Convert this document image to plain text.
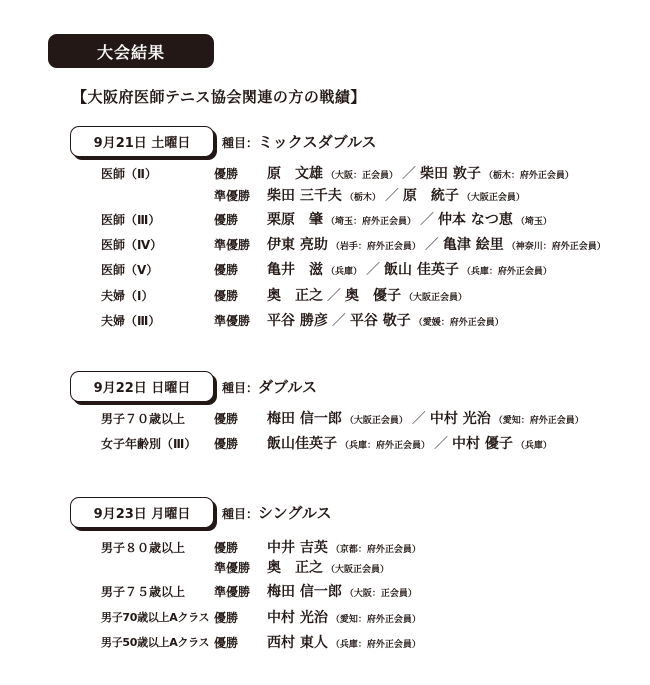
大会結果
【大阪府医師テニス協会関連の方の戦績】
9月21日 土曜日	種目： ミックスダブルス
医師（Ⅱ）	優勝 原　文雄 （大阪：正会員） ／ 柴田 敦子 （栃木：府外正会員）
準優勝 柴田 三千夫 （栃木） ／ 原　統子 （大阪正会員）
医師（Ⅲ）	優勝 栗原　肇 （埼玉：府外正会員） ／ 仲本 なつ恵 （埼玉）
医師（Ⅳ）	準優勝 伊東 亮助 （岩手：府外正会員） ／ 亀津 絵里 （神奈川：府外正会員）
医師（Ⅴ）	優勝 亀井　滋 （兵庫） ／ 飯山 佳英子 （兵庫：府外正会員）
夫婦（Ⅰ）	優勝 奥　正之 ／ 奥　優子 （大阪正会員）
夫婦（Ⅲ）	準優勝 平谷 勝彦 ／ 平谷 敬子 （愛媛：府外正会員）
9月22日 日曜日	種目： ダブルス
男子７０歳以上 優勝 梅田 信一郎 （大阪正会員） ／ 中村 光治 （愛知：府外正会員）
女子年齢別（Ⅲ） 優勝 飯山佳英子 （兵庫：府外正会員） ／ 中村 優子 （兵庫）
9月23日 月曜日	種目： シングルス
男子８０歳以上 優勝 中井 吉英 （京都：府外正会員）
準優勝 奥　正之 （大阪正会員）
男子７５歳以上 準優勝 梅田 信一郎 （大阪：正会員）
男子70歳以上Aクラス 優勝 中村 光治 （愛知：府外正会員）
男子50歳以上Aクラス 優勝 西村 東人 （兵庫：府外正会員）
